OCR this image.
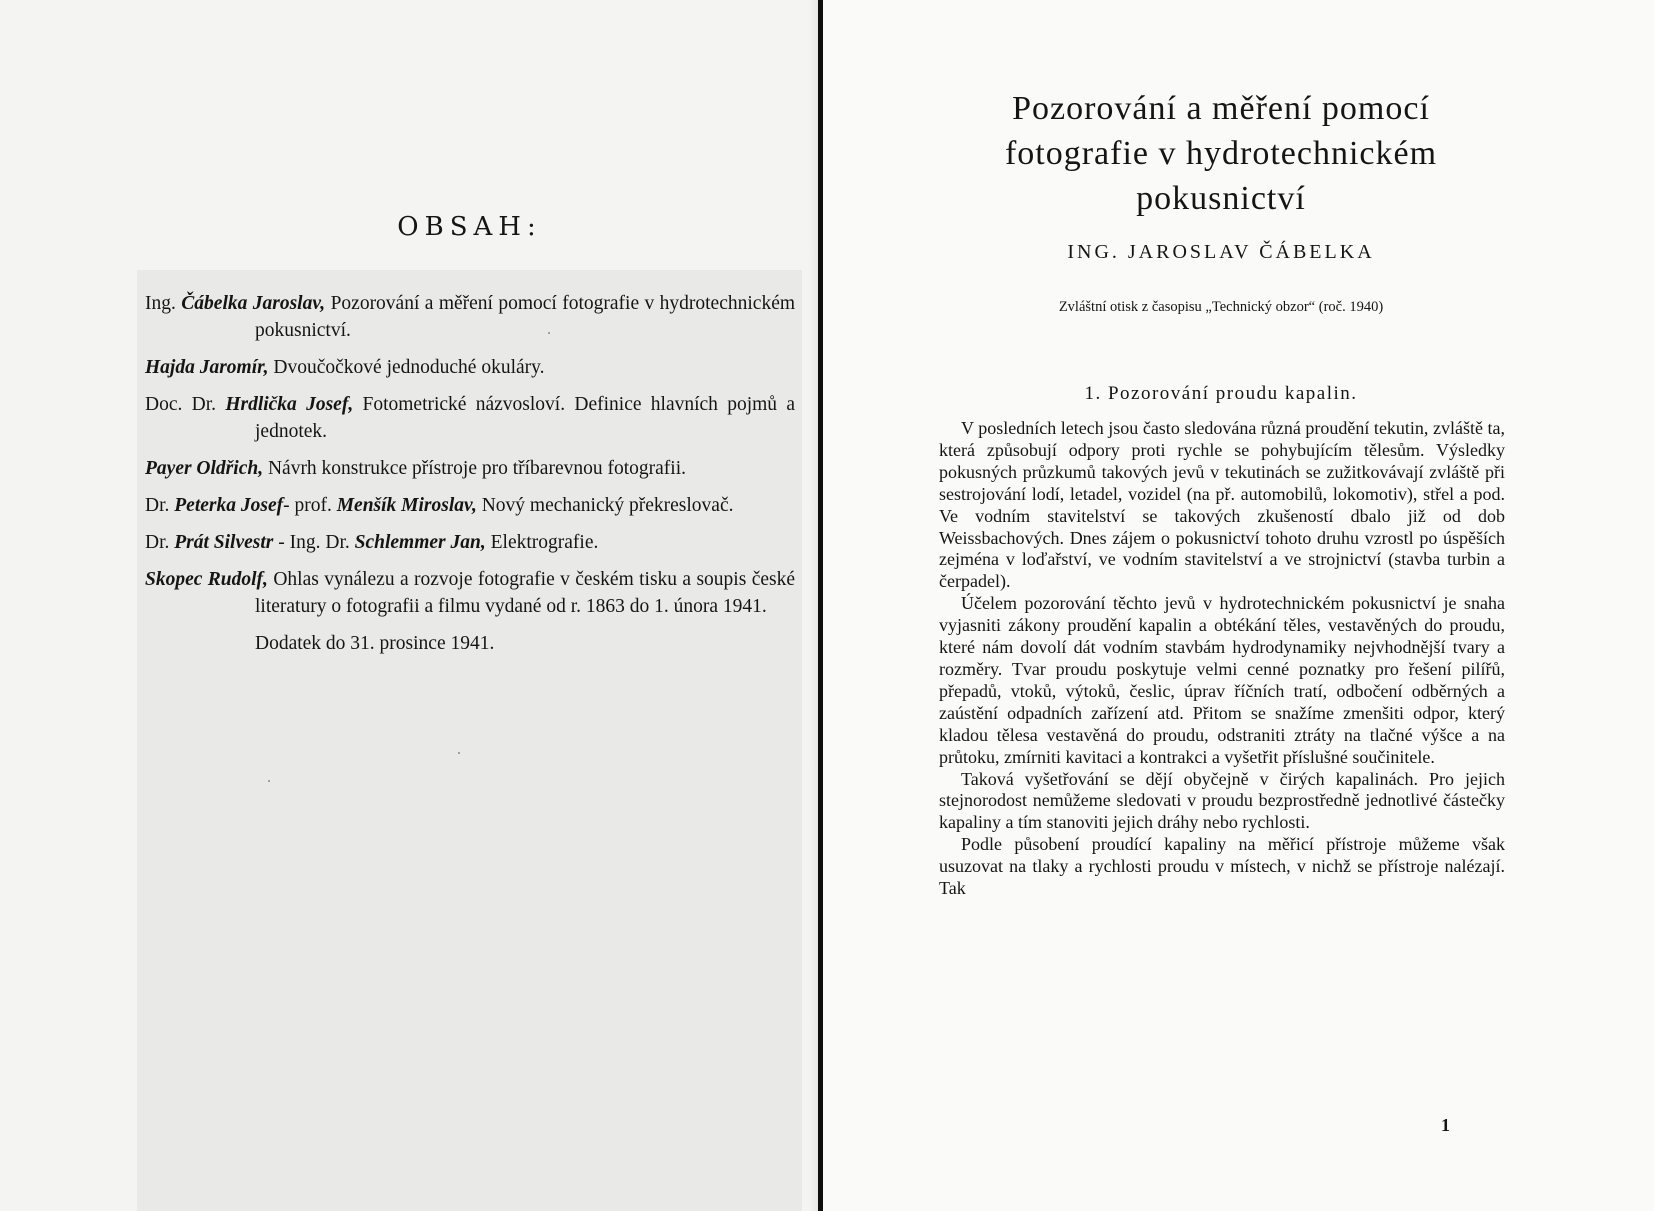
OBSAH:

Ing. Čábelka Jaroslav, Pozorování a měření pomocí fotografie v hydrotechnickém pokusnictví.

Hajda Jaromír, Dvoučočkové jednoduché okuláry.

Doc. Dr. Hrdlička Josef, Fotometrické názvosloví. Definice hlavních pojmů a jednotek.

Payer Oldřich, Návrh konstrukce přístroje pro tříbarevnou fotografii.

Dr. Peterka Josef- prof. Menšík Miroslav, Nový mechanický překreslovač.

Dr. Prát Silvestr - Ing. Dr. Schlemmer Jan, Elektrografie.

Skopec Rudolf, Ohlas vynálezu a rozvoje fotografie v českém tisku a soupis české literatury o fotografii a filmu vydané od r. 1863 do 1. února 1941.

Dodatek do 31. prosince 1941.

Pozorování a měření pomocí
fotografie v hydrotechnickém
pokusnictví

ING. JAROSLAV ČÁBELKA

Zvláštní otisk z časopisu „Technický obzor“ (roč. 1940)

1. Pozorování proudu kapalin.

V posledních letech jsou často sledována různá proudění tekutin, zvláště ta, která způsobují odpory proti rychle se pohybujícím tělesům. Výsledky pokusných průzkumů takových jevů v tekutinách se zužitkovávají zvláště při sestrojování lodí, letadel, vozidel (na př. automobilů, lokomotiv), střel a pod. Ve vodním stavitelství se takových zkušeností dbalo již od dob Weissbachových. Dnes zájem o pokusnictví tohoto druhu vzrostl po úspěších zejména v loďařství, ve vodním stavitelství a ve strojnictví (stavba turbin a čerpadel).

Účelem pozorování těchto jevů v hydrotechnickém pokusnictví je snaha vyjasniti zákony proudění kapalin a obtékání těles, vestavěných do proudu, které nám dovolí dát vodním stavbám hydrodynamiky nejvhodnější tvary a rozměry. Tvar proudu poskytuje velmi cenné poznatky pro řešení pilířů, přepadů, vtoků, výtoků, česlic, úprav říčních tratí, odbočení odběrných a zaústění odpadních zařízení atd. Přitom se snažíme zmenšiti odpor, který kladou tělesa vestavěná do proudu, odstraniti ztráty na tlačné výšce a na průtoku, zmírniti kavitaci a kontrakci a vyšetřit příslušné součinitele.

Taková vyšetřování se dějí obyčejně v čirých kapalinách. Pro jejich stejnorodost nemůžeme sledovati v proudu bezprostředně jednotlivé částečky kapaliny a tím stanoviti jejich dráhy nebo rychlosti.

Podle působení proudící kapaliny na měřicí přístroje můžeme však usuzovat na tlaky a rychlosti proudu v místech, v nichž se přístroje nalézají. Tak

1
